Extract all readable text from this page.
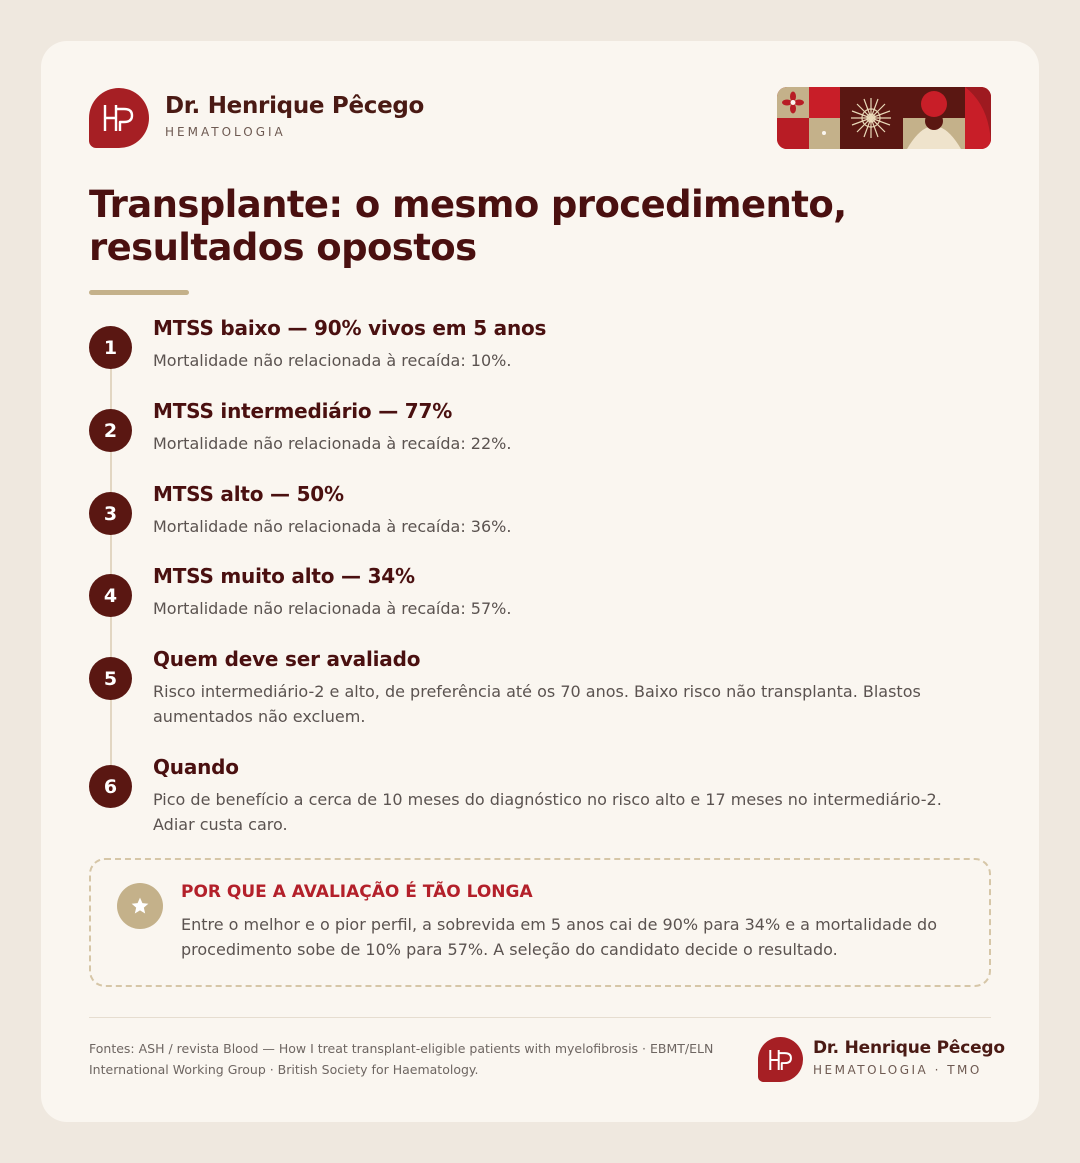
Dr. Henrique Pêcego
HEMATOLOGIA
Transplante: o mesmo procedimento, resultados opostos
1
MTSS baixo — 90% vivos em 5 anos
Mortalidade não relacionada à recaída: 10%.
2
MTSS intermediário — 77%
Mortalidade não relacionada à recaída: 22%.
3
MTSS alto — 50%
Mortalidade não relacionada à recaída: 36%.
4
MTSS muito alto — 34%
Mortalidade não relacionada à recaída: 57%.
5
Quem deve ser avaliado
Risco intermediário-2 e alto, de preferência até os 70 anos. Baixo risco não transplanta. Blastos aumentados não excluem.
6
Quando
Pico de benefício a cerca de 10 meses do diagnóstico no risco alto e 17 meses no intermediário-2. Adiar custa caro.
POR QUE A AVALIAÇÃO É TÃO LONGA
Entre o melhor e o pior perfil, a sobrevida em 5 anos cai de 90% para 34% e a mortalidade do procedimento sobe de 10% para 57%. A seleção do candidato decide o resultado.
Fontes: ASH / revista Blood — How I treat transplant-eligible patients with myelofibrosis · EBMT/ELN International Working Group · British Society for Haematology.
Dr. Henrique Pêcego
HEMATOLOGIA · TMO
